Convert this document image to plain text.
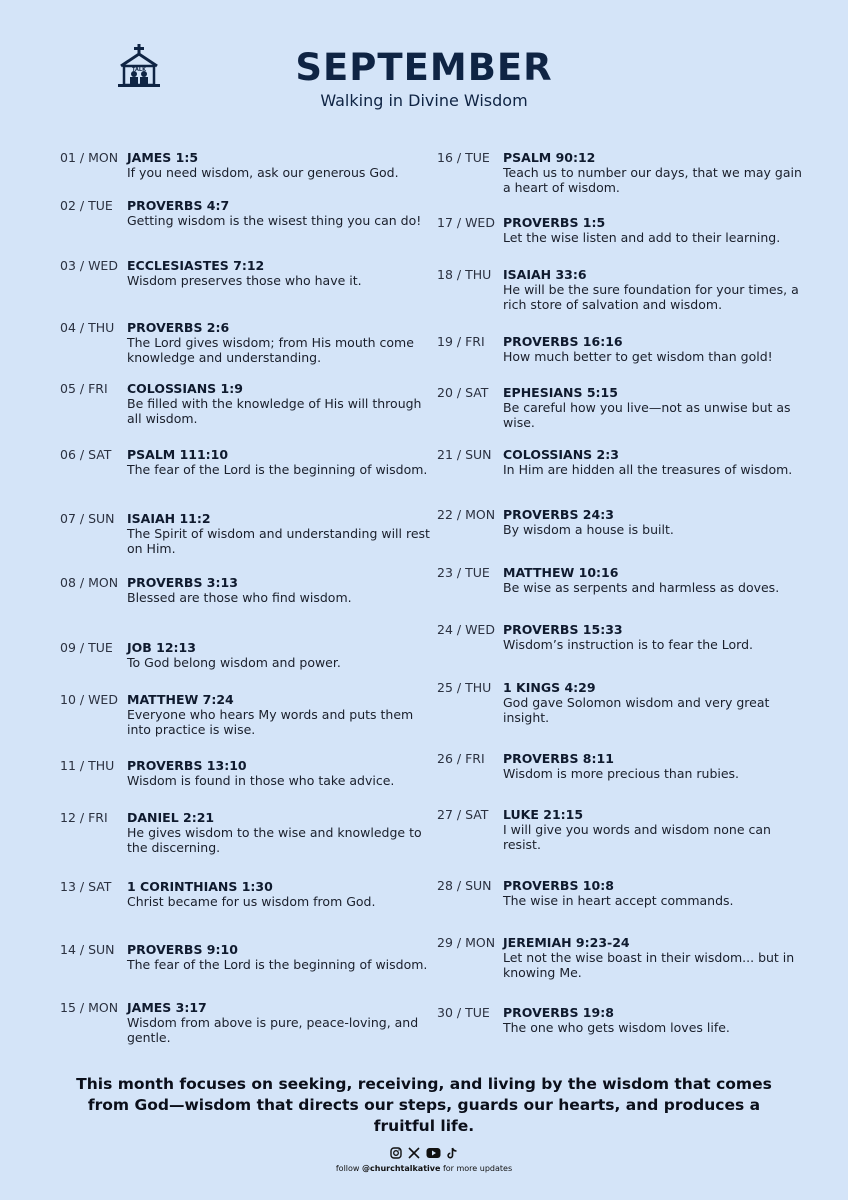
TALK	SEPTEMBER
Walking in Divine Wisdom
01 / MON JAMES 1:5
If you need wisdom, ask our generous God.
02 / TUE PROVERBS 4:7
Getting wisdom is the wisest thing you can do!
03 / WED ECCLESIASTES 7:12
Wisdom preserves those who have it.
04 / THU PROVERBS 2:6
The Lord gives wisdom; from His mouth come knowledge and understanding.
05 / FRI COLOSSIANS 1:9
Be filled with the knowledge of His will through all wisdom.
06 / SAT PSALM 111:10
The fear of the Lord is the beginning of wisdom.
07 / SUN ISAIAH 11:2
The Spirit of wisdom and understanding will rest on Him.
08 / MON PROVERBS 3:13
Blessed are those who find wisdom.
09 / TUE JOB 12:13
To God belong wisdom and power.
10 / WED MATTHEW 7:24
Everyone who hears My words and puts them into practice is wise.
11 / THU PROVERBS 13:10
Wisdom is found in those who take advice.
12 / FRI DANIEL 2:21
He gives wisdom to the wise and knowledge to the discerning.
13 / SAT 1 CORINTHIANS 1:30
Christ became for us wisdom from God.
14 / SUN PROVERBS 9:10
The fear of the Lord is the beginning of wisdom.
15 / MON JAMES 3:17
Wisdom from above is pure, peace-loving, and gentle.
16 / TUE PSALM 90:12
Teach us to number our days, that we may gain a heart of wisdom.
17 / WED PROVERBS 1:5
Let the wise listen and add to their learning.
18 / THU ISAIAH 33:6
He will be the sure foundation for your times, a rich store of salvation and wisdom.
19 / FRI PROVERBS 16:16
How much better to get wisdom than gold!
20 / SAT EPHESIANS 5:15
Be careful how you live—not as unwise but as wise.
21 / SUN COLOSSIANS 2:3
In Him are hidden all the treasures of wisdom.
22 / MON PROVERBS 24:3
By wisdom a house is built.
23 / TUE MATTHEW 10:16
Be wise as serpents and harmless as doves.
24 / WED PROVERBS 15:33
Wisdom’s instruction is to fear the Lord.
25 / THU 1 KINGS 4:29
God gave Solomon wisdom and very great insight.
26 / FRI PROVERBS 8:11
Wisdom is more precious than rubies.
27 / SAT LUKE 21:15
I will give you words and wisdom none can resist.
28 / SUN PROVERBS 10:8
The wise in heart accept commands.
29 / MON JEREMIAH 9:23-24
Let not the wise boast in their wisdom... but in knowing Me.
30 / TUE PROVERBS 19:8
The one who gets wisdom loves life.
This month focuses on seeking, receiving, and living by the wisdom that comes from God—wisdom that directs our steps, guards our hearts, and produces a fruitful life.

follow @churchtalkative for more updates
